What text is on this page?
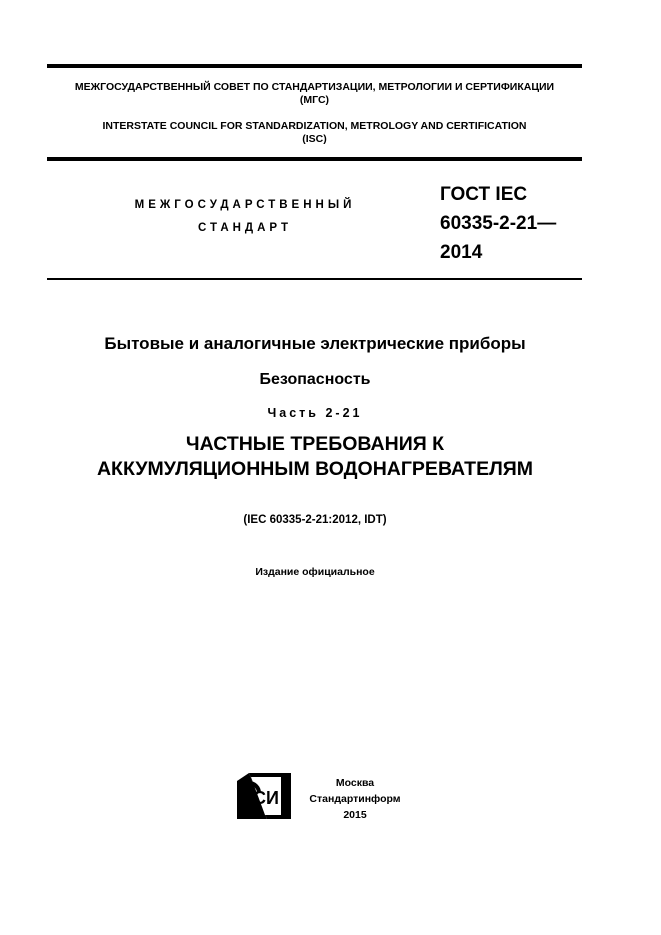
МЕЖГОСУДАРСТВЕННЫЙ СОВЕТ ПО СТАНДАРТИЗАЦИИ, МЕТРОЛОГИИ И СЕРТИФИКАЦИИ
(МГС)
INTERSTATE COUNCIL FOR STANDARDIZATION, METROLOGY AND CERTIFICATION
(ISC)
МЕЖГОСУДАРСТВЕННЫЙ
СТАНДАРТ
ГОСТ IEC
60335-2-21—
2014
Бытовые и аналогичные электрические приборы
Безопасность
Часть 2-21
ЧАСТНЫЕ ТРЕБОВАНИЯ К
АККУМУЛЯЦИОННЫМ ВОДОНАГРЕВАТЕЛЯМ
(IEC 60335-2-21:2012, IDT)
Издание официальное
СИ
Москва
Стандартинформ
2015
